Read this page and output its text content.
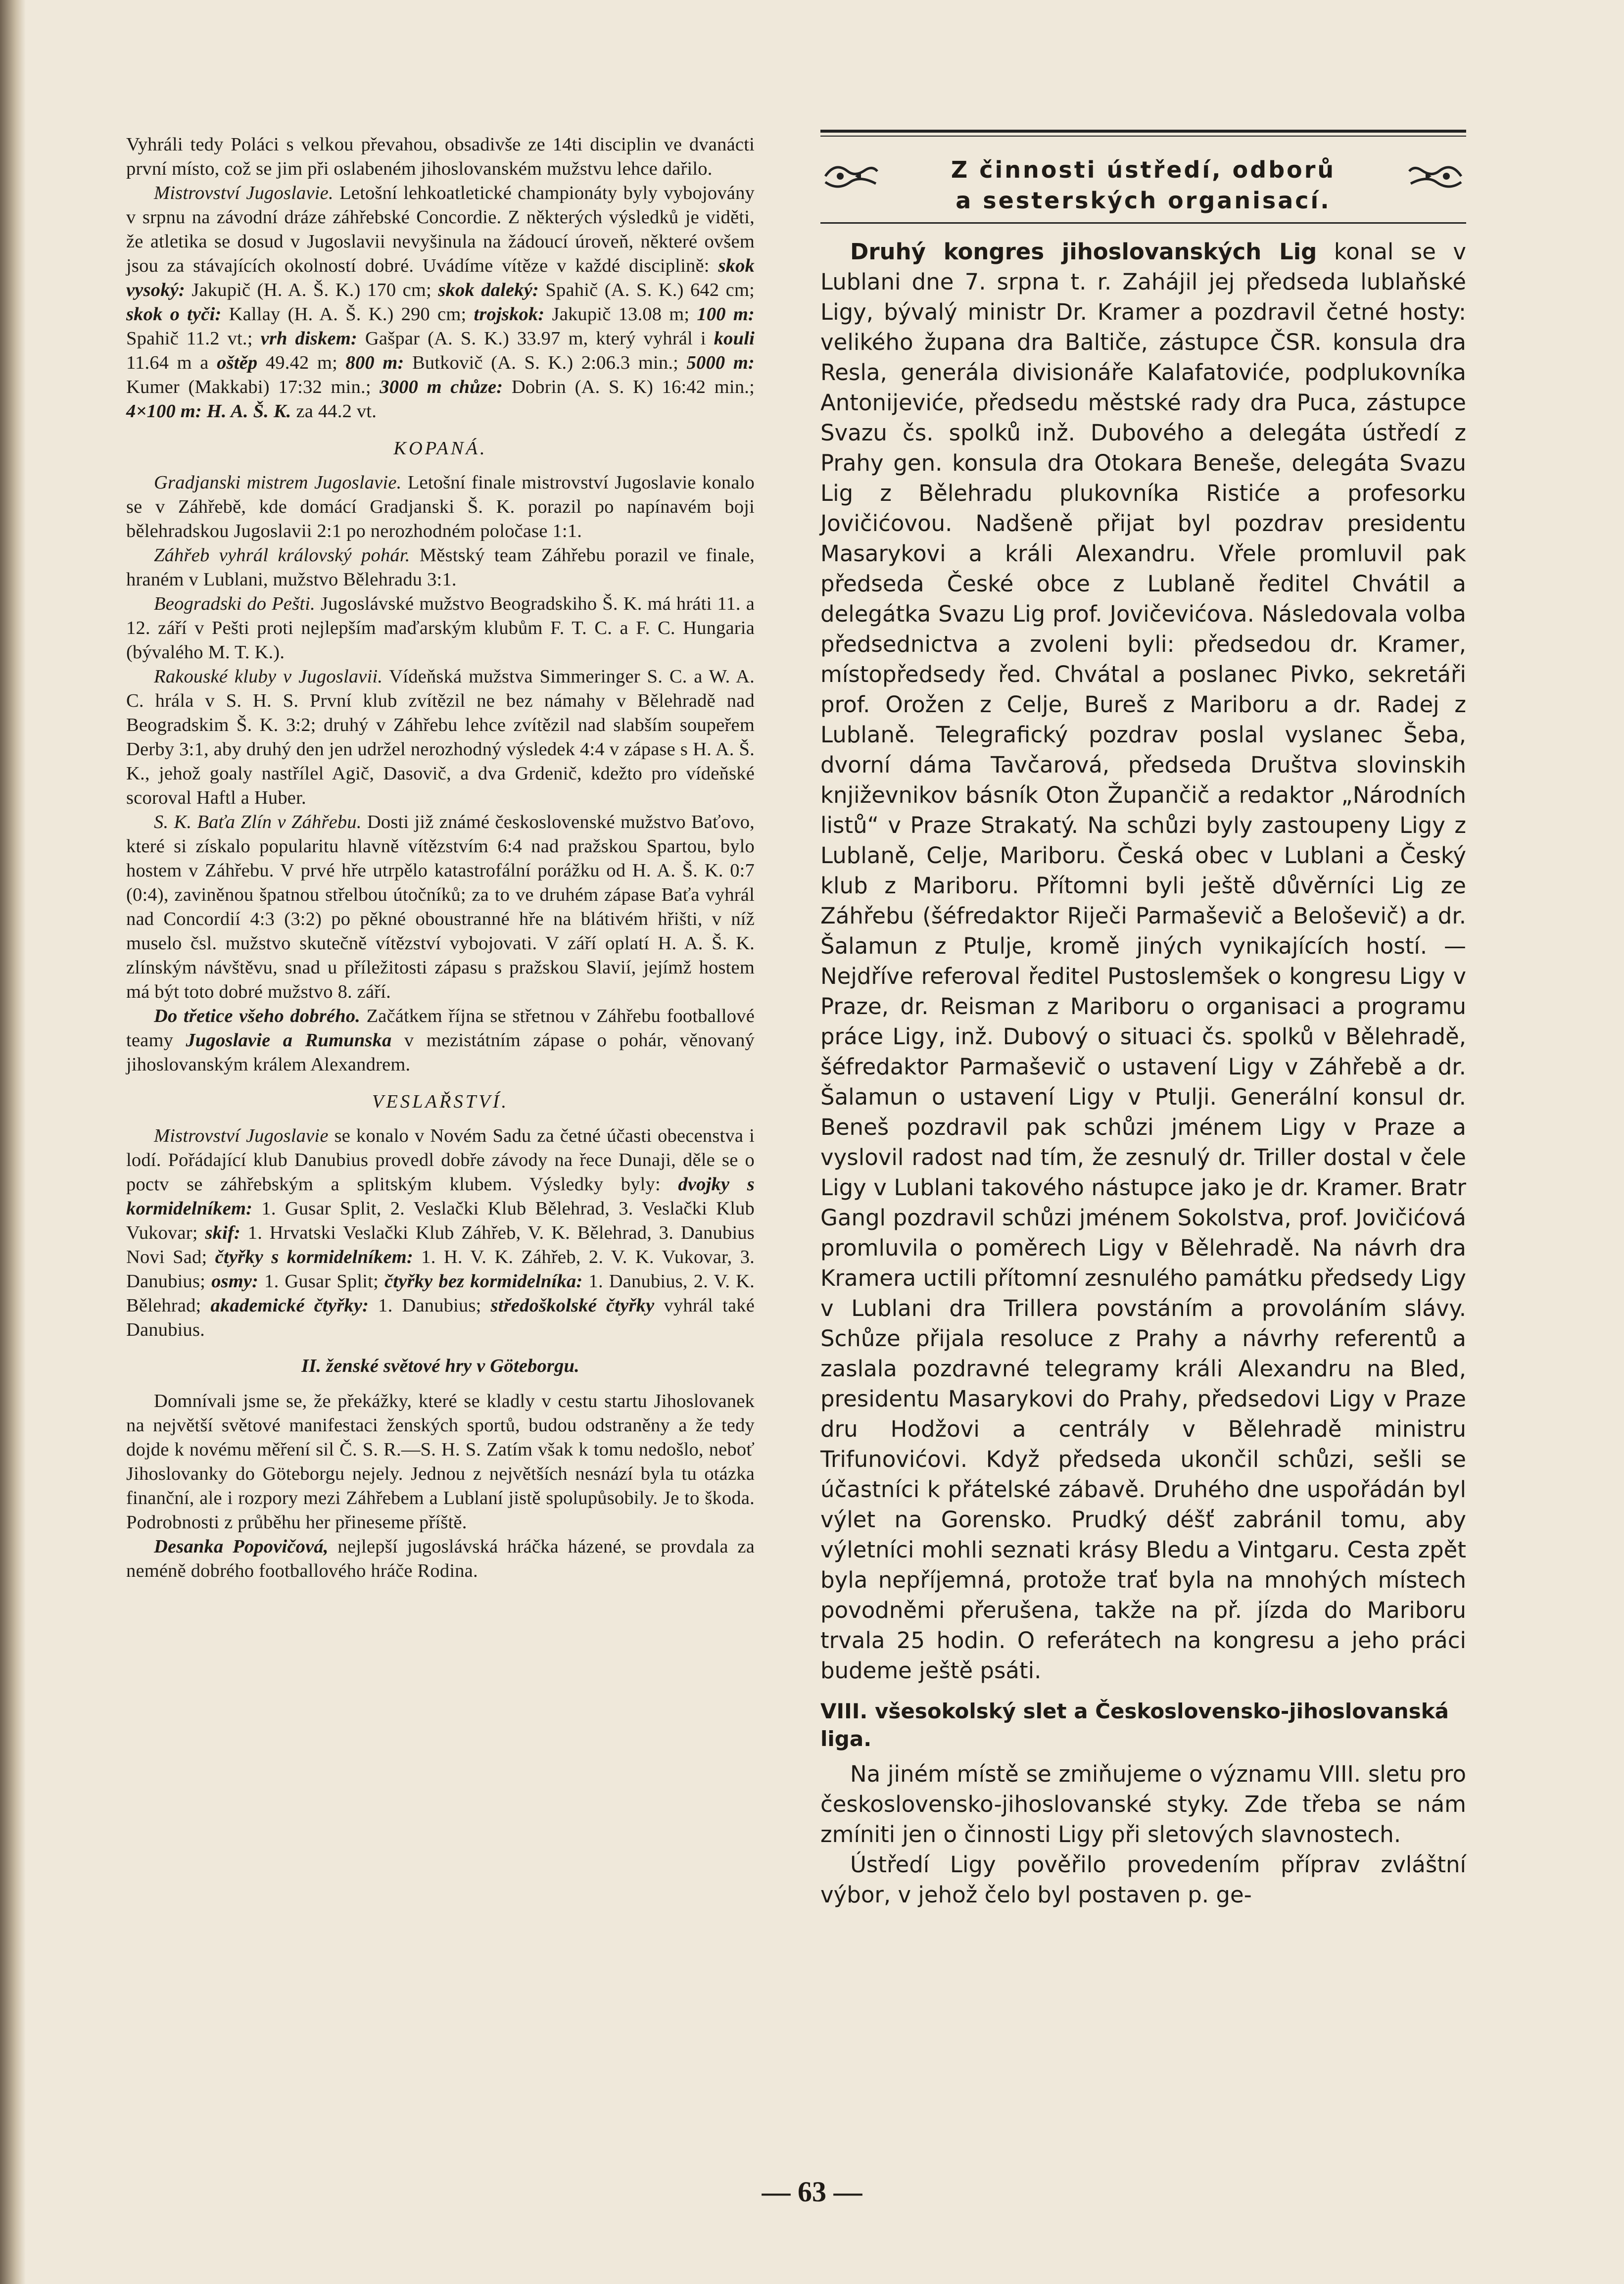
Vyhráli tedy Poláci s velkou převahou, obsadivše ze 14ti disciplin ve dvanácti první místo, což se jim při oslabeném jihoslovanském mužstvu lehce dařilo.

Mistrovství Jugoslavie. Letošní lehkoatletické championáty byly vybojovány v srpnu na závodní dráze záhřebské Concordie. Z některých výsledků je viděti, že atletika se dosud v Jugoslavii nevyšinula na žádoucí úroveň, některé ovšem jsou za stávajících okolností dobré. Uvádíme vítěze v každé disciplině: skok vysoký: Jakupič (H. A. Š. K.) 170 cm; skok daleký: Spahič (A. S. K.) 642 cm; skok o tyči: Kallay (H. A. Š. K.) 290 cm; trojskok: Jakupič 13.08 m; 100 m: Spahič 11.2 vt.; vrh diskem: Gašpar (A. S. K.) 33.97 m, který vyhrál i kouli 11.64 m a oštěp 49.42 m; 800 m: Butkovič (A. S. K.) 2:06.3 min.; 5000 m: Kumer (Makkabi) 17:32 min.; 3000 m chůze: Dobrin (A. S. K) 16:42 min.; 4×100 m: H. A. Š. K. za 44.2 vt.

KOPANÁ.

Gradjanski mistrem Jugoslavie. Letošní finale mistrovství Jugoslavie konalo se v Záhřebě, kde domácí Gradjanski Š. K. porazil po napínavém boji bělehradskou Jugoslavii 2:1 po nerozhodném poločase 1:1.

Záhřeb vyhrál královský pohár. Městský team Záhřebu porazil ve finale, hraném v Lublani, mužstvo Bělehradu 3:1.

Beogradski do Pešti. Jugoslávské mužstvo Beogradskiho Š. K. má hráti 11. a 12. září v Pešti proti nejlepším maďarským klubům F. T. C. a F. C. Hungaria (bývalého M. T. K.).

Rakouské kluby v Jugoslavii. Vídeňská mužstva Simmeringer S. C. a W. A. C. hrála v S. H. S. První klub zvítězil ne bez námahy v Bělehradě nad Beogradskim Š. K. 3:2; druhý v Záhřebu lehce zvítězil nad slabším soupeřem Derby 3:1, aby druhý den jen udržel nerozhodný výsledek 4:4 v zápase s H. A. Š. K., jehož goaly nastřílel Agič, Dasovič, a dva Grdenič, kdežto pro vídeňské scoroval Haftl a Huber.

S. K. Baťa Zlín v Záhřebu. Dosti již známé československé mužstvo Baťovo, které si získalo popularitu hlavně vítězstvím 6:4 nad pražskou Spartou, bylo hostem v Záhřebu. V prvé hře utrpělo katastrofální porážku od H. A. Š. K. 0:7 (0:4), zaviněnou špatnou střelbou útočníků; za to ve druhém zápase Baťa vyhrál nad Concordií 4:3 (3:2) po pěkné oboustranné hře na blátivém hřišti, v níž muselo čsl. mužstvo skutečně vítězství vybojovati. V září oplatí H. A. Š. K. zlínským návštěvu, snad u příležitosti zápasu s pražskou Slavií, jejímž hostem má být toto dobré mužstvo 8. září.

Do třetice všeho dobrého. Začátkem října se střetnou v Záhřebu footballové teamy Jugoslavie a Rumunska v mezistátním zápase o pohár, věnovaný jihoslovanským králem Alexandrem.

VESLAŘSTVÍ.

Mistrovství Jugoslavie se konalo v Novém Sadu za četné účasti obecenstva i lodí. Pořádající klub Danubius provedl dobře závody na řece Dunaji, děle se o poctv se záhřebským a splitským klubem. Výsledky byly: dvojky s kormidelníkem: 1. Gusar Split, 2. Veslački Klub Bělehrad, 3. Veslački Klub Vukovar; skif: 1. Hrvatski Veslački Klub Záhřeb, V. K. Bělehrad, 3. Danubius Novi Sad; čtyřky s kormidelníkem: 1. H. V. K. Záhřeb, 2. V. K. Vukovar, 3. Danubius; osmy: 1. Gusar Split; čtyřky bez kormidelníka: 1. Danubius, 2. V. K. Bělehrad; akademické čtyřky: 1. Danubius; středoškolské čtyřky vyhrál také Danubius.

II. ženské světové hry v Göteborgu.

Domnívali jsme se, že překážky, které se kladly v cestu startu Jihoslovanek na největší světové manifestaci ženských sportů, budou odstraněny a že tedy dojde k novému měření sil Č. S. R.—S. H. S. Zatím však k tomu nedošlo, neboť Jihoslovanky do Göteborgu nejely. Jednou z největších nesnází byla tu otázka finanční, ale i rozpory mezi Záhřebem a Lublaní jistě spolupůsobily. Je to škoda. Podrobnosti z průběhu her přineseme příště.

Desanka Popovičová, nejlepší jugoslávská hráčka házené, se provdala za neméně dobrého footballového hráče Rodina.

Z činnosti ústředí, odborů
a sesterských organisací.

Druhý kongres jihoslovanských Lig konal se v Lublani dne 7. srpna t. r. Zahájil jej předseda lublaňské Ligy, bývalý ministr Dr. Kramer a pozdravil četné hosty: velikého župana dra Baltiče, zástupce ČSR. konsula dra Resla, generála divisionáře Kalafatoviće, podplukovníka Antonijeviće, předsedu městské rady dra Puca, zástupce Svazu čs. spolků inž. Dubového a delegáta ústředí z Prahy gen. konsula dra Otokara Beneše, delegáta Svazu Lig z Bělehradu plukovníka Ristiće a profesorku Jovičićovou. Nadšeně přijat byl pozdrav presidentu Masarykovi a králi Alexandru. Vřele promluvil pak předseda České obce z Lublaně ředitel Chvátil a delegátka Svazu Lig prof. Jovičevićova. Následovala volba předsednictva a zvoleni byli: předsedou dr. Kramer, místopředsedy řed. Chvátal a poslanec Pivko, sekretáři prof. Orožen z Celje, Bureš z Mariboru a dr. Radej z Lublaně. Telegrafický pozdrav poslal vyslanec Šeba, dvorní dáma Tavčarová, předseda Društva slovinskih književnikov básník Oton Župančič a redaktor „Národních listů“ v Praze Strakatý. Na schůzi byly zastoupeny Ligy z Lublaně, Celje, Mariboru. Česká obec v Lublani a Český klub z Mariboru. Přítomni byli ještě důvěrníci Lig ze Záhřebu (šéfredaktor Riječi Parmaševič a Beloševič) a dr. Šalamun z Ptulje, kromě jiných vynikajících hostí. — Nejdříve referoval ředitel Pustoslemšek o kongresu Ligy v Praze, dr. Reisman z Mariboru o organisaci a programu práce Ligy, inž. Dubový o situaci čs. spolků v Bělehradě, šéfredaktor Parmaševič o ustavení Ligy v Záhřebě a dr. Šalamun o ustavení Ligy v Ptulji. Generální konsul dr. Beneš pozdravil pak schůzi jménem Ligy v Praze a vyslovil radost nad tím, že zesnulý dr. Triller dostal v čele Ligy v Lublani takového nástupce jako je dr. Kramer. Bratr Gangl pozdravil schůzi jménem Sokolstva, prof. Jovičićová promluvila o poměrech Ligy v Bělehradě. Na návrh dra Kramera uctili přítomní zesnulého památku předsedy Ligy v Lublani dra Trillera povstáním a provoláním slávy. Schůze přijala resoluce z Prahy a návrhy referentů a zaslala pozdravné telegramy králi Alexandru na Bled, presidentu Masarykovi do Prahy, předsedovi Ligy v Praze dru Hodžovi a centrály v Bělehradě ministru Trifunovićovi. Když předseda ukončil schůzi, sešli se účastníci k přátelské zábavě. Druhého dne uspořádán byl výlet na Gorensko. Prudký déšť zabránil tomu, aby výletníci mohli seznati krásy Bledu a Vintgaru. Cesta zpět byla nepříjemná, protože trať byla na mnohých místech povodněmi přerušena, takže na př. jízda do Mariboru trvala 25 hodin. O referátech na kongresu a jeho práci budeme ještě psáti.

VIII. všesokolský slet a Československo-jihoslovanská liga.

Na jiném místě se zmiňujeme o významu VIII. sletu pro československo-jihoslovanské styky. Zde třeba se nám zmíniti jen o činnosti Ligy při sletových slavnostech.

Ústředí Ligy pověřilo provedením příprav zvláštní výbor, v jehož čelo byl postaven p. ge-

— 63 —
